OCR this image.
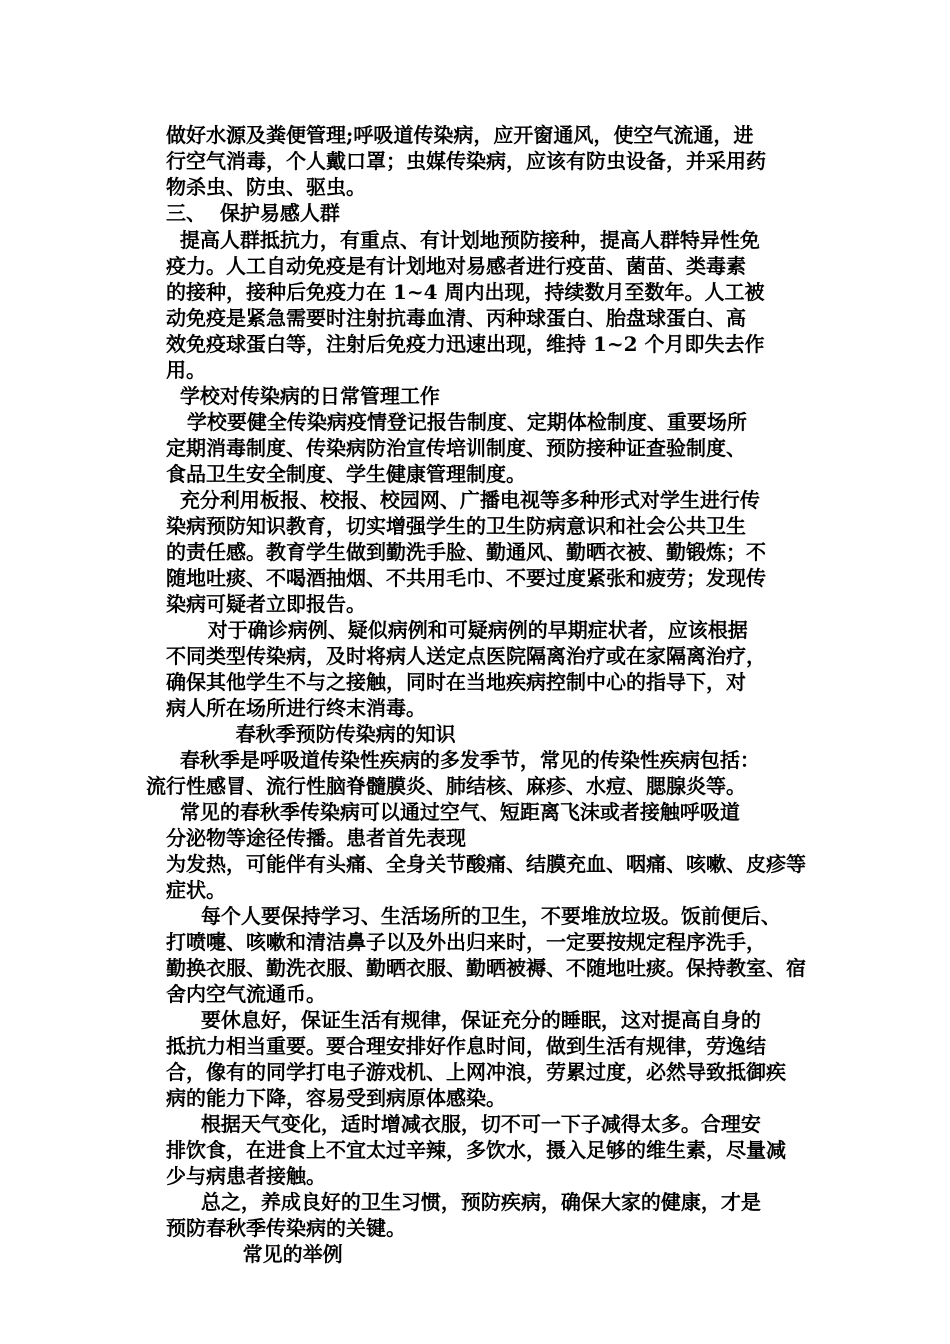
做好水源及粪便管理;呼吸道传染病，应开窗通风，使空气流通，进
行空气消毒，个人戴口罩；虫媒传染病，应该有防虫设备，并采用药
物杀虫、防虫、驱虫。
三、  保护易感人群
提高人群抵抗力，有重点、有计划地预防接种，提高人群特异性免
疫力。人工自动免疫是有计划地对易感者进行疫苗、菌苗、类毒素
的接种，接种后免疫力在 1~4 周内出现，持续数月至数年。人工被
动免疫是紧急需要时注射抗毒血清、丙种球蛋白、胎盘球蛋白、高
效免疫球蛋白等，注射后免疫力迅速出现，维持 1~2 个月即失去作
用。
学校对传染病的日常管理工作
学校要健全传染病疫情登记报告制度、定期体检制度、重要场所
定期消毒制度、传染病防治宣传培训制度、预防接种证查验制度、
食品卫生安全制度、学生健康管理制度。
充分利用板报、校报、校园网、广播电视等多种形式对学生进行传
染病预防知识教育，切实增强学生的卫生防病意识和社会公共卫生
的责任感。教育学生做到勤洗手脸、勤通风、勤晒衣被、勤锻炼；不
随地吐痰、不喝酒抽烟、不共用毛巾、不要过度紧张和疲劳；发现传
染病可疑者立即报告。
对于确诊病例、疑似病例和可疑病例的早期症状者，应该根据
不同类型传染病，及时将病人送定点医院隔离治疗或在家隔离治疗，
确保其他学生不与之接触，同时在当地疾病控制中心的指导下，对
病人所在场所进行终末消毒。
春秋季预防传染病的知识
春秋季是呼吸道传染性疾病的多发季节，常见的传染性疾病包括：
流行性感冒、流行性脑脊髓膜炎、肺结核、麻疹、水痘、腮腺炎等。
常见的春秋季传染病可以通过空气、短距离飞沫或者接触呼吸道
分泌物等途径传播。患者首先表现
为发热，可能伴有头痛、全身关节酸痛、结膜充血、咽痛、咳嗽、皮疹等
症状。
每个人要保持学习、生活场所的卫生，不要堆放垃圾。饭前便后、
打喷嚏、咳嗽和清洁鼻子以及外出归来时，一定要按规定程序洗手，
勤换衣服、勤洗衣服、勤晒衣服、勤晒被褥、不随地吐痰。保持教室、宿
舍内空气流通币。
要休息好，保证生活有规律，保证充分的睡眠，这对提高自身的
抵抗力相当重要。要合理安排好作息时间，做到生活有规律，劳逸结
合，像有的同学打电子游戏机、上网冲浪，劳累过度，必然导致抵御疾
病的能力下降，容易受到病原体感染。
根据天气变化，适时增减衣服，切不可一下子减得太多。合理安
排饮食，在进食上不宜太过辛辣，多饮水，摄入足够的维生素，尽量减
少与病患者接触。
总之，养成良好的卫生习惯，预防疾病，确保大家的健康，才是
预防春秋季传染病的关键。
常见的举例
